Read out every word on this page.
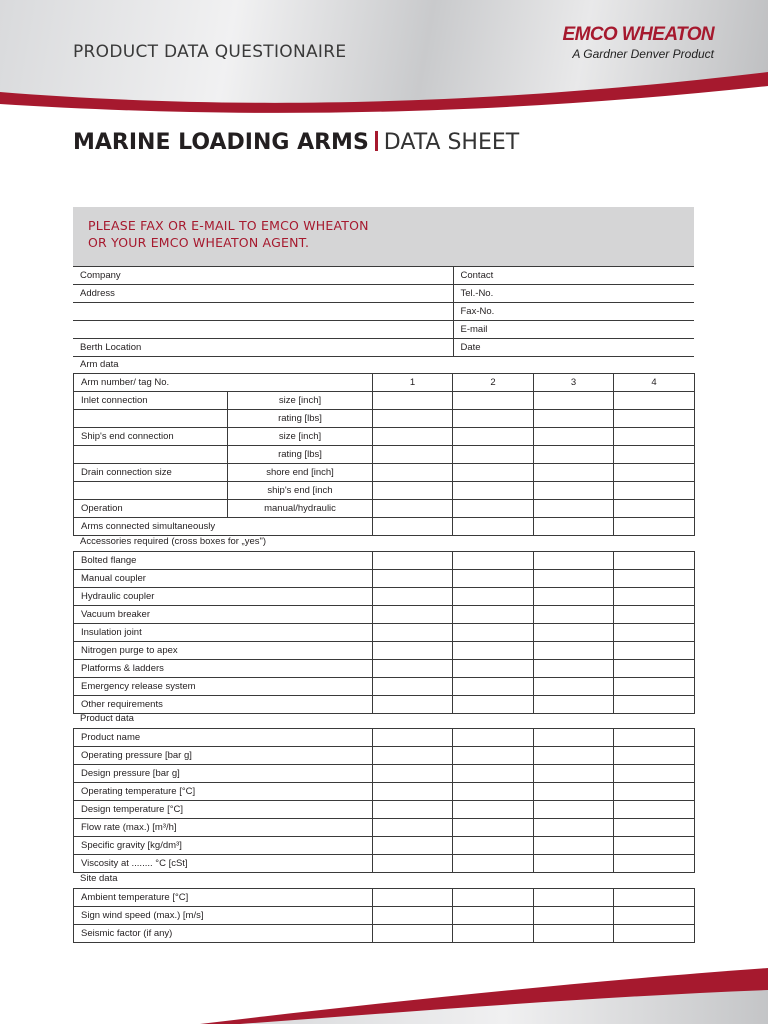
PRODUCT DATA QUESTIONAIRE
EMCO WHEATON
A Gardner Denver Product
MARINE LOADING ARMS DATA SHEET
PLEASE FAX OR E-MAIL TO EMCO WHEATON
OR YOUR EMCO WHEATON AGENT.
Company	Contact
Address	Tel.-No.
	Fax-No.
	E-mail
Berth Location	Date
Arm data
Arm number/ tag No.		1	2	3	4
Inlet connection	size [inch]				
	rating [lbs]				
Ship's end connection	size [inch]				
	rating [lbs]				
Drain connection size	shore end [inch]				
	ship's end [inch				
Operation	manual/hydraulic				
Arms connected simultaneously					
Accessories required (cross boxes for „yes")
Bolted flange				
Manual coupler				
Hydraulic coupler				
Vacuum breaker				
Insulation joint				
Nitrogen purge to apex				
Platforms & ladders				
Emergency release system				
Other requirements				
Product data
Product name				
Operating pressure [bar g]				
Design pressure [bar g]				
Operating temperature [°C]				
Design temperature [°C]				
Flow rate (max.) [m³/h]				
Specific gravity [kg/dm³]				
Viscosity at ........ °C [cSt]				
Site data
Ambient temperature [°C]				
Sign wind speed (max.) [m/s]				
Seismic factor (if any)				
